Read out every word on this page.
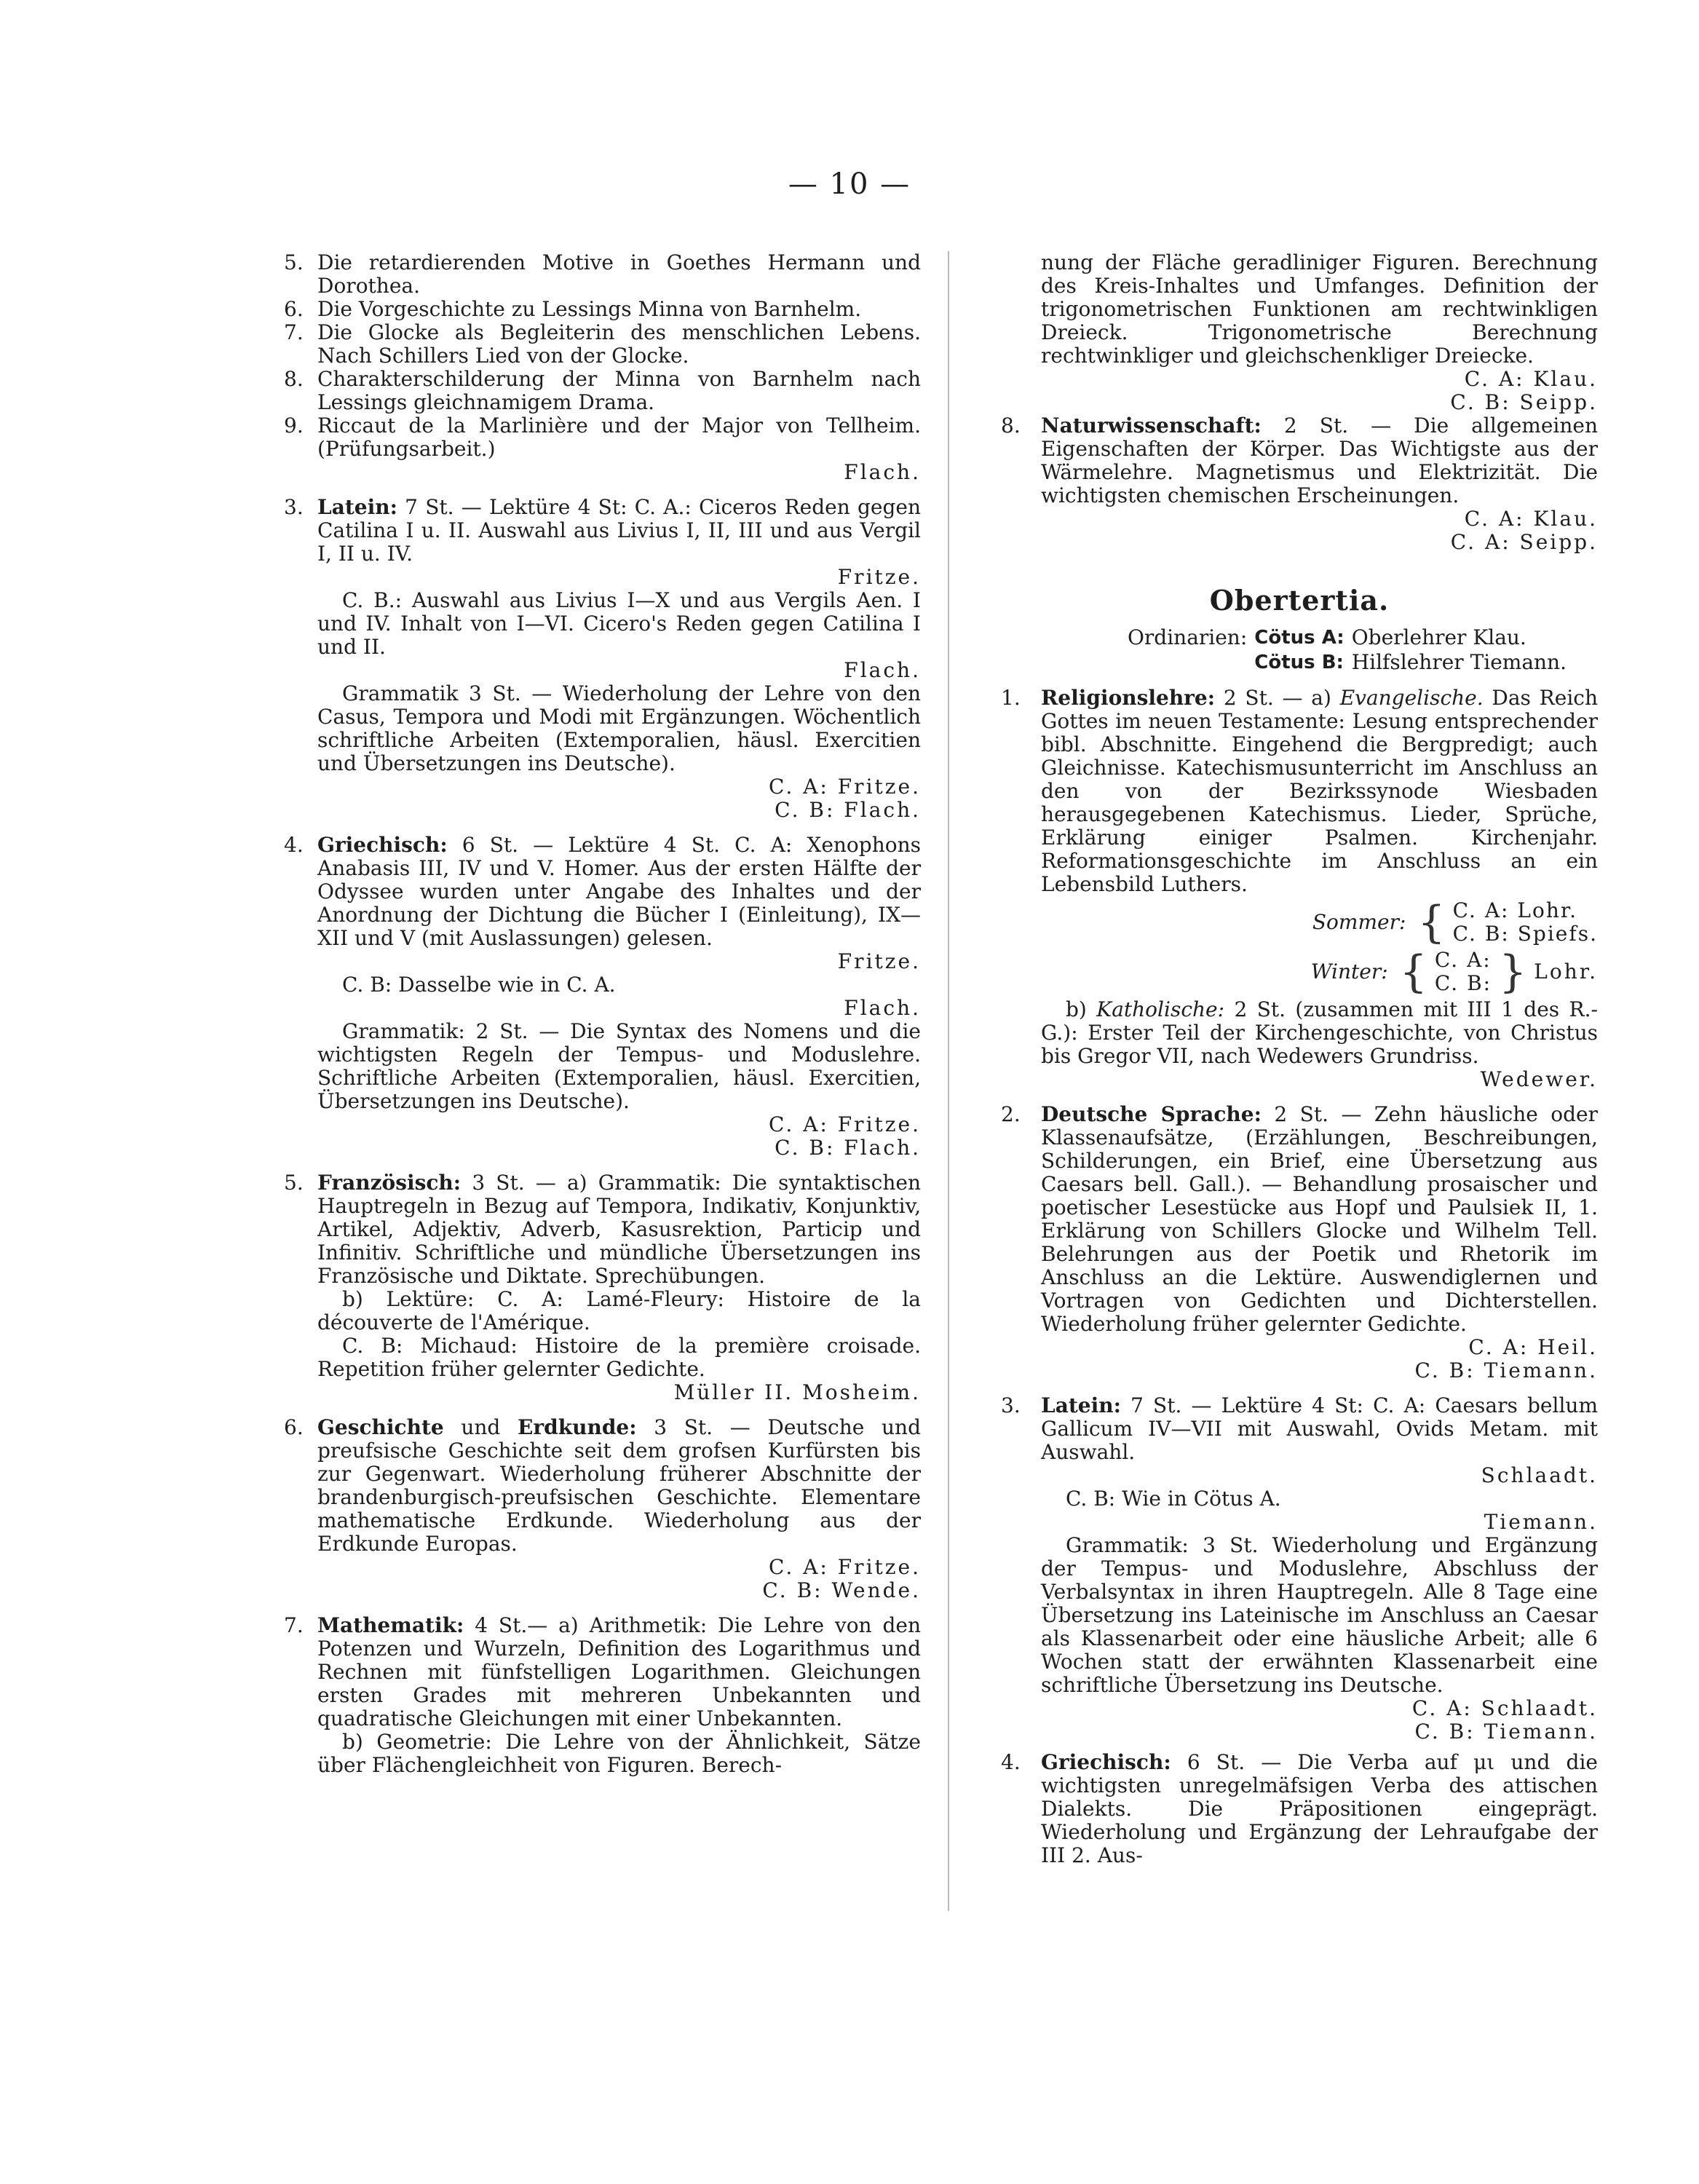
— 10 —
5. Die retardierenden Motive in Goethes Hermann und Dorothea.

6. Die Vorgeschichte zu Lessings Minna von Barnhelm.

7. Die Glocke als Begleiterin des menschlichen Lebens. Nach Schillers Lied von der Glocke.

8. Charakterschilderung der Minna von Barnhelm nach Lessings gleichnamigem Drama.

9. Riccaut de la Marlinière und der Major von Tellheim. (Prüfungsarbeit.)

Flach.
3. Latein: 7 St. — Lektüre 4 St: C. A.: Ciceros Reden gegen Catilina I u. II. Auswahl aus Livius I, II, III und aus Vergil I, II u. IV.

Fritze.

C. B.: Auswahl aus Livius I—X und aus Vergils Aen. I und IV. Inhalt von I—VI. Cicero's Reden gegen Catilina I und II.

Flach.

Grammatik 3 St. — Wiederholung der Lehre von den Casus, Tempora und Modi mit Ergänzungen. Wöchentlich schriftliche Arbeiten (Extemporalien, häusl. Exercitien und Übersetzungen ins Deutsche).

C. A: Fritze.
C. B: Flach.
4. Griechisch: 6 St. — Lektüre 4 St. C. A: Xenophons Anabasis III, IV und V. Homer. Aus der ersten Hälfte der Odyssee wurden unter Angabe des Inhaltes und der Anordnung der Dichtung die Bücher I (Einleitung), IX—XII und V (mit Auslassungen) gelesen.

Fritze.

C. B: Dasselbe wie in C. A.

Flach.

Grammatik: 2 St. — Die Syntax des Nomens und die wichtigsten Regeln der Tempus- und Moduslehre. Schriftliche Arbeiten (Extemporalien, häusl. Exercitien, Übersetzungen ins Deutsche).

C. A: Fritze.
C. B: Flach.
5. Französisch: 3 St. — a) Grammatik: Die syntaktischen Hauptregeln in Bezug auf Tempora, Indikativ, Konjunktiv, Artikel, Adjektiv, Adverb, Kasusrektion, Particip und Infinitiv. Schriftliche und mündliche Übersetzungen ins Französische und Diktate. Sprechübungen.

b) Lektüre: C. A: Lamé-Fleury: Histoire de la découverte de l'Amérique.

C. B: Michaud: Histoire de la première croisade. Repetition früher gelernter Gedichte.

Müller II. Mosheim.
6. Geschichte und Erdkunde: 3 St. — Deutsche und preufsische Geschichte seit dem grofsen Kurfürsten bis zur Gegenwart. Wiederholung früherer Abschnitte der brandenburgisch-preufsischen Geschichte. Elementare mathematische Erdkunde. Wiederholung aus der Erdkunde Europas.

C. A: Fritze.
C. B: Wende.
7. Mathematik: 4 St.— a) Arithmetik: Die Lehre von den Potenzen und Wurzeln, Definition des Logarithmus und Rechnen mit fünfstelligen Logarithmen. Gleichungen ersten Grades mit mehreren Unbekannten und quadratische Gleichungen mit einer Unbekannten.

b) Geometrie: Die Lehre von der Ähnlichkeit, Sätze über Flächengleichheit von Figuren. Berech-

nung der Fläche geradliniger Figuren. Berechnung des Kreis-Inhaltes und Umfanges. Definition der trigonometrischen Funktionen am rechtwinkligen Dreieck. Trigonometrische Berechnung rechtwinkliger und gleichschenkliger Dreiecke.

C. A: Klau.
C. B: Seipp.
8. Naturwissenschaft: 2 St. — Die allgemeinen Eigenschaften der Körper. Das Wichtigste aus der Wärmelehre. Magnetismus und Elektrizität. Die wichtigsten chemischen Erscheinungen.

C. A: Klau.
C. A: Seipp.
Obertertia.
Ordinarien: Cötus A: Oberlehrer Klau.
Cötus B: Hilfslehrer Tiemann.
1. Religionslehre: 2 St. — a) Evangelische. Das Reich Gottes im neuen Testamente: Lesung entsprechender bibl. Abschnitte. Eingehend die Bergpredigt; auch Gleichnisse. Katechismusunterricht im Anschluss an den von der Bezirkssynode Wiesbaden herausgegebenen Katechismus. Lieder, Sprüche, Erklärung einiger Psalmen. Kirchenjahr. Reformationsgeschichte im Anschluss an ein Lebensbild Luthers.

Sommer: { C. A: Lohr.
C. B: Spiefs.
Winter: { C. A:
C. B: } Lohr.

b) Katholische: 2 St. (zusammen mit III 1 des R.-G.): Erster Teil der Kirchengeschichte, von Christus bis Gregor VII, nach Wedewers Grundriss.

Wedewer.
2. Deutsche Sprache: 2 St. — Zehn häusliche oder Klassenaufsätze, (Erzählungen, Beschreibungen, Schilderungen, ein Brief, eine Übersetzung aus Caesars bell. Gall.). — Behandlung prosaischer und poetischer Lesestücke aus Hopf und Paulsiek II, 1. Erklärung von Schillers Glocke und Wilhelm Tell. Belehrungen aus der Poetik und Rhetorik im Anschluss an die Lektüre. Auswendiglernen und Vortragen von Gedichten und Dichterstellen. Wiederholung früher gelernter Gedichte.

C. A: Heil.
C. B: Tiemann.
3. Latein: 7 St. — Lektüre 4 St: C. A: Caesars bellum Gallicum IV—VII mit Auswahl, Ovids Metam. mit Auswahl.

Schlaadt.

C. B: Wie in Cötus A.

Tiemann.

Grammatik: 3 St. Wiederholung und Ergänzung der Tempus- und Moduslehre, Abschluss der Verbalsyntax in ihren Hauptregeln. Alle 8 Tage eine Übersetzung ins Lateinische im Anschluss an Caesar als Klassenarbeit oder eine häusliche Arbeit; alle 6 Wochen statt der erwähnten Klassenarbeit eine schriftliche Übersetzung ins Deutsche.

C. A: Schlaadt.
C. B: Tiemann.
4. Griechisch: 6 St. — Die Verba auf μι und die wichtigsten unregelmäfsigen Verba des attischen Dialekts. Die Präpositionen eingeprägt. Wiederholung und Ergänzung der Lehraufgabe der III 2. Aus-
